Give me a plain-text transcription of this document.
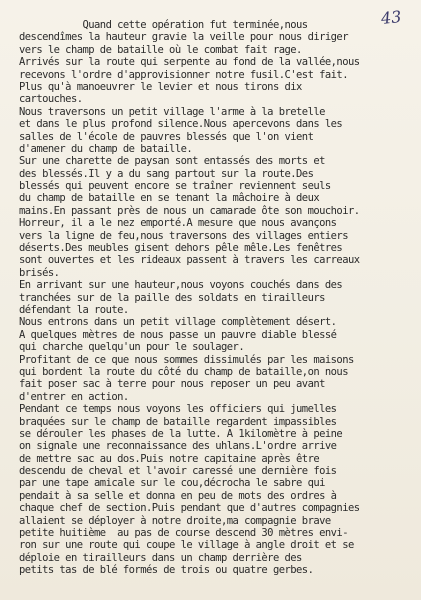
43
Quand cette opération fut terminée,nous
descendîmes la hauteur gravie la veille pour nous diriger
vers le champ de bataille où le combat fait rage.
Arrivés sur la route qui serpente au fond de la vallée,nous
recevons l'ordre d'approvisionner notre fusil.C'est fait.
Plus qu'à manoeuvrer le levier et nous tirons dix
cartouches.
Nous traversons un petit village l'arme à la bretelle
et dans le plus profond silence.Nous apercevons dans les
salles de l'école de pauvres blessés que l'on vient
d'amener du champ de bataille.
Sur une charette de paysan sont entassés des morts et
des blessés.Il y a du sang partout sur la route.Des
blessés qui peuvent encore se traîner reviennent seuls
du champ de bataille en se tenant la mâchoire à deux
mains.En passant près de nous un camarade ôte son mouchoir.
Horreur, il a le nez emporté.A mesure que nous avançons
vers la ligne de feu,nous traversons des villages entiers
déserts.Des meubles gisent dehors pêle mêle.Les fenêtres
sont ouvertes et les rideaux passent à travers les carreaux
brisés.
En arrivant sur une hauteur,nous voyons couchés dans des
tranchées sur de la paille des soldats en tirailleurs
défendant la route.
Nous entrons dans un petit village complètement désert.
A quelques mètres de nous passe un pauvre diable blessé
qui charche quelqu'un pour le soulager.
Profitant de ce que nous sommes dissimulés par les maisons
qui bordent la route du côté du champ de bataille,on nous
fait poser sac à terre pour nous reposer un peu avant
d'entrer en action.
Pendant ce temps nous voyons les officiers qui jumelles
braquées sur le champ de bataille regardent impassibles
se dérouler les phases de la lutte. A 1kilomètre à peine
on signale une reconnaissance des uhlans.L'ordre arrive
de mettre sac au dos.Puis notre capitaine après être
descendu de cheval et l'avoir caressé une dernière fois
par une tape amicale sur le cou,décrocha le sabre qui
pendait à sa selle et donna en peu de mots des ordres à
chaque chef de section.Puis pendant que d'autres compagnies
allaient se déployer à notre droite,ma compagnie brave
petite huitième  au pas de course descend 30 mètres envi-
ron sur une route qui coupe le village à angle droit et se
déploie en tirailleurs dans un champ derrière des
petits tas de blé formés de trois ou quatre gerbes.
